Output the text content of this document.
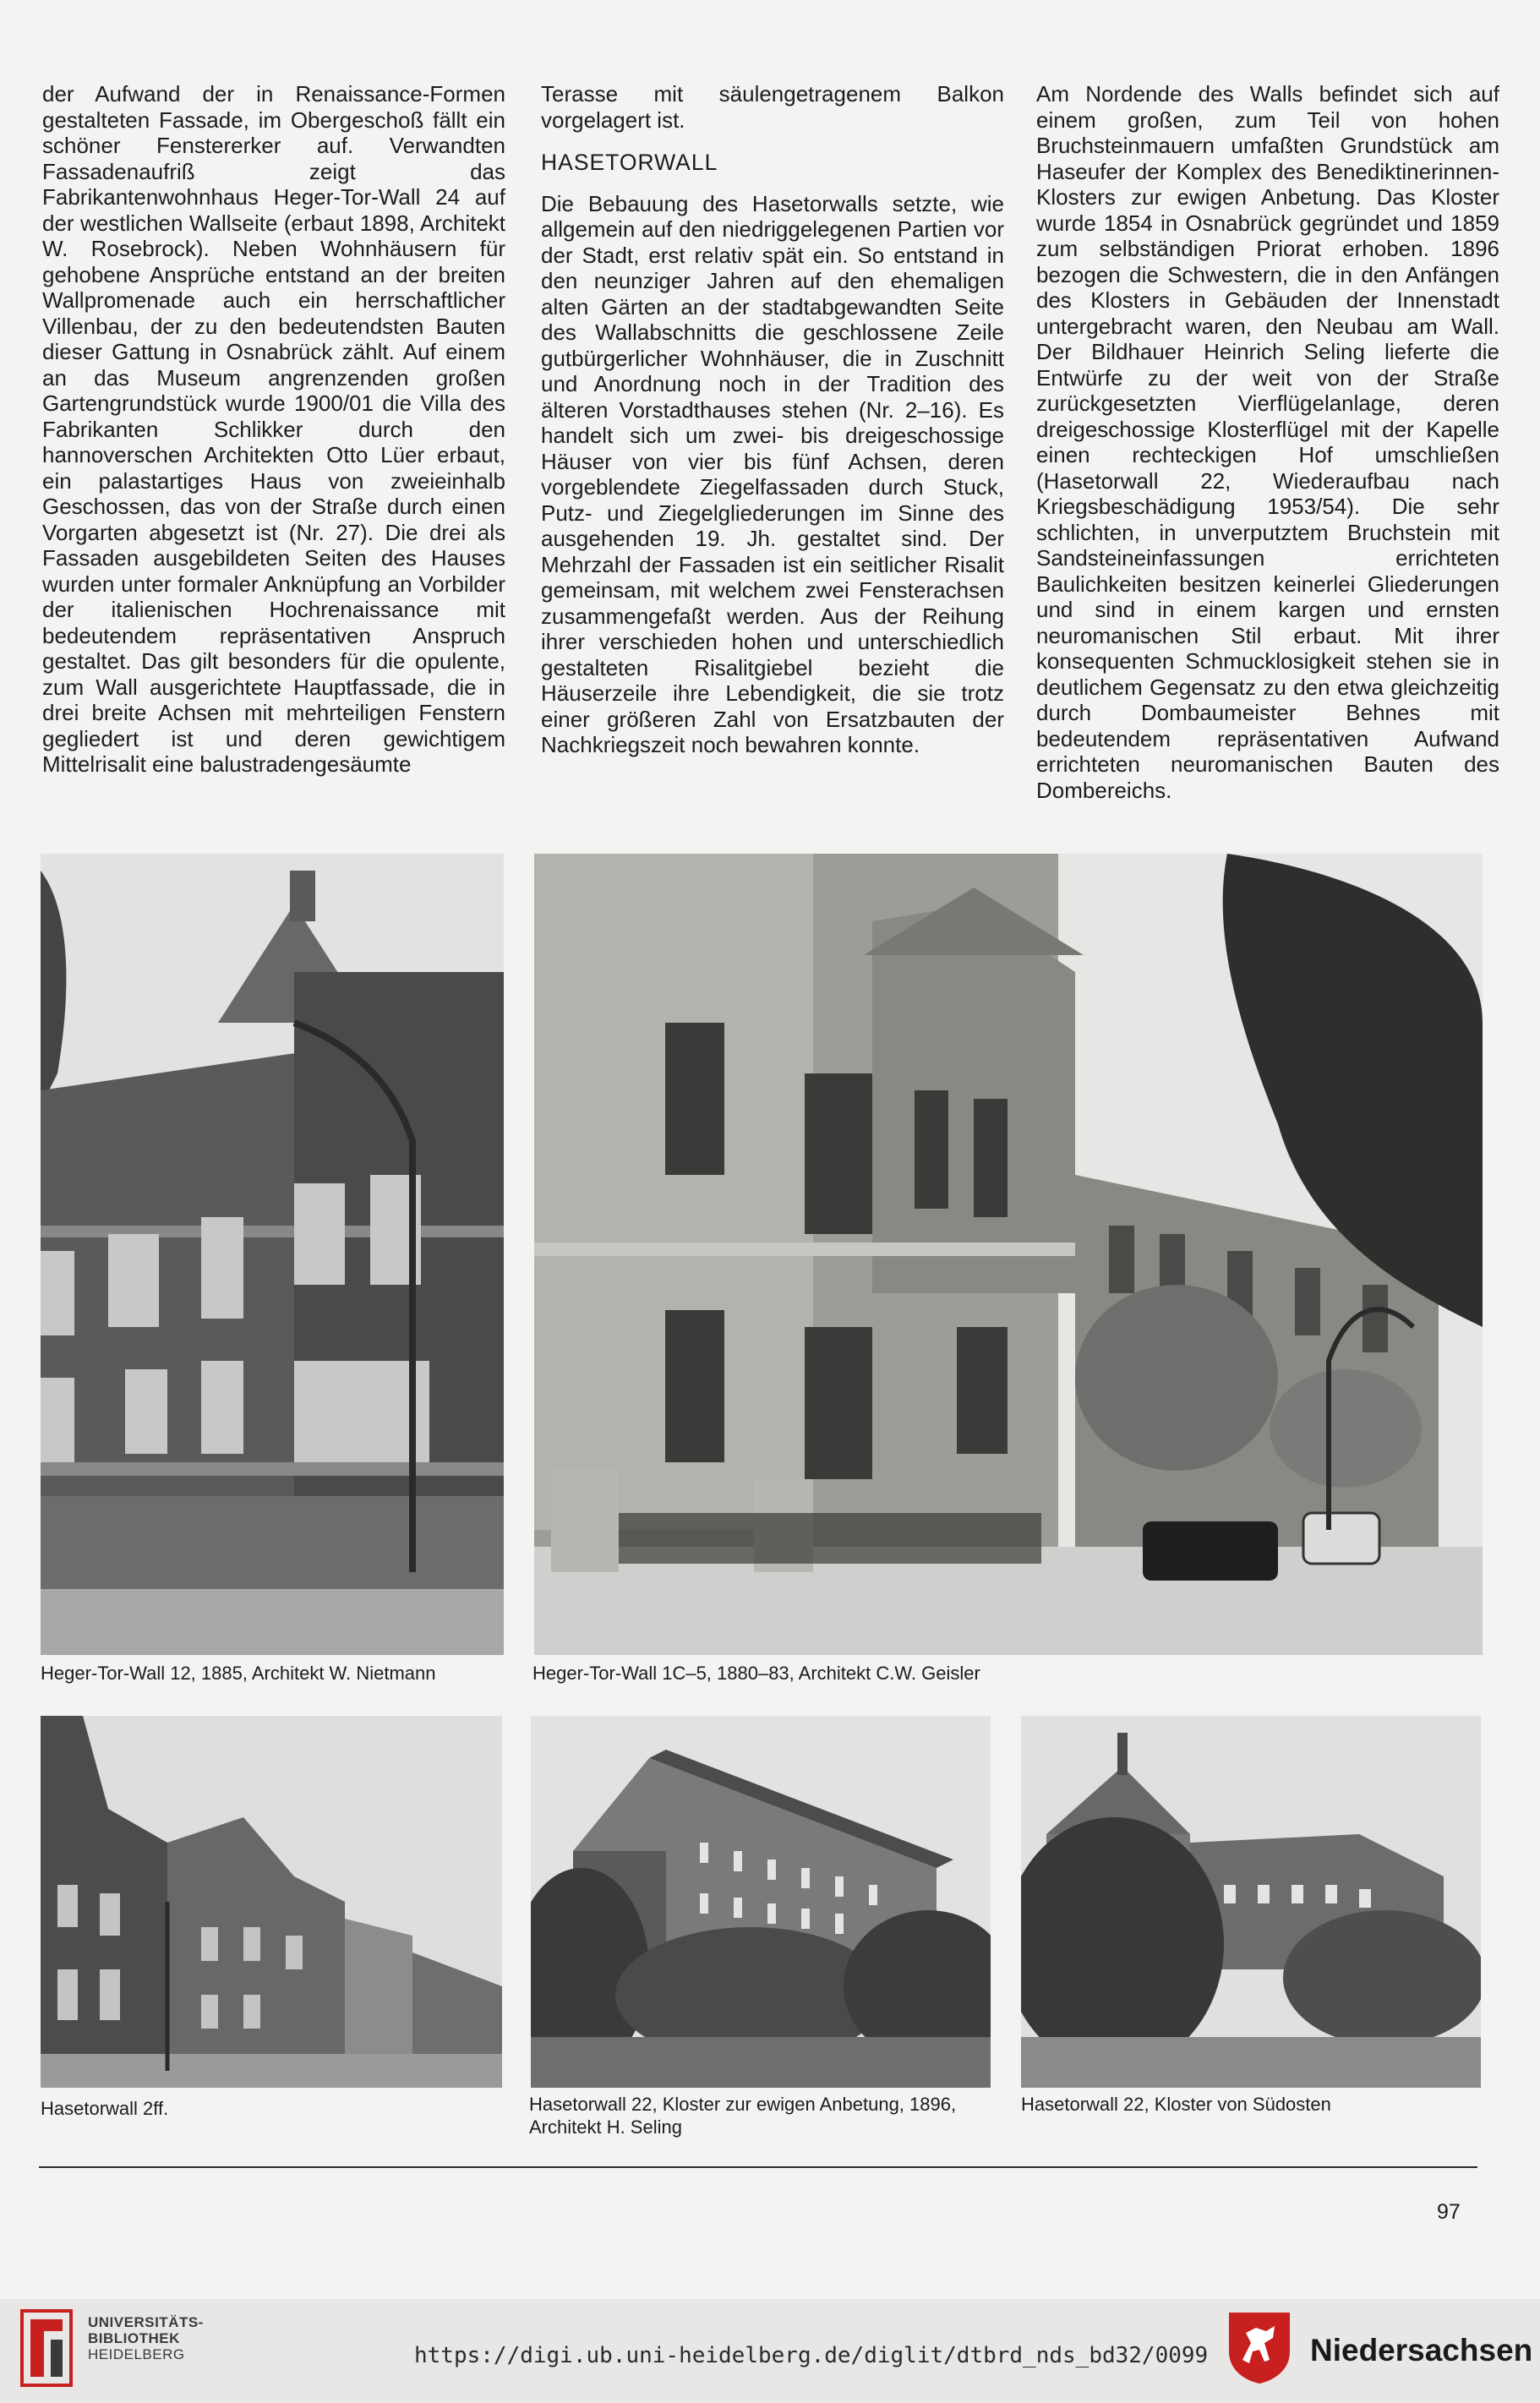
der Aufwand der in Renaissance-Formen gestalteten Fassade, im Obergeschoß fällt ein schöner Fenstererker auf. Verwandten Fassadenaufriß zeigt das Fabrikantenwohnhaus Heger-Tor-Wall 24 auf der westlichen Wallseite (erbaut 1898, Architekt W. Rosebrock). Neben Wohnhäusern für gehobene Ansprüche entstand an der breiten Wallpromenade auch ein herrschaftlicher Villenbau, der zu den bedeutendsten Bauten dieser Gattung in Osnabrück zählt. Auf einem an das Museum angrenzenden großen Gartengrundstück wurde 1900/01 die Villa des Fabrikanten Schlikker durch den hannoverschen Architekten Otto Lüer erbaut, ein palastartiges Haus von zweieinhalb Geschossen, das von der Straße durch einen Vorgarten abgesetzt ist (Nr. 27). Die drei als Fassaden ausgebildeten Seiten des Hauses wurden unter formaler Anknüpfung an Vorbilder der italienischen Hochrenaissance mit bedeutendem repräsentativen Anspruch gestaltet. Das gilt besonders für die opulente, zum Wall ausgerichtete Hauptfassade, die in drei breite Achsen mit mehrteiligen Fenstern gegliedert ist und deren gewichtigem Mittelrisalit eine balustradengesäumte

Terasse mit säulengetragenem Balkon vorgelagert ist.

HASETORWALL

Die Bebauung des Hasetorwalls setzte, wie allgemein auf den niedriggelegenen Partien vor der Stadt, erst relativ spät ein. So entstand in den neunziger Jahren auf den ehemaligen alten Gärten an der stadtabgewandten Seite des Wallabschnitts die geschlossene Zeile gutbürgerlicher Wohnhäuser, die in Zuschnitt und Anordnung noch in der Tradition des älteren Vorstadthauses stehen (Nr. 2–16). Es handelt sich um zwei- bis dreigeschossige Häuser von vier bis fünf Achsen, deren vorgeblendete Ziegelfassaden durch Stuck, Putz- und Ziegelgliederungen im Sinne des ausgehenden 19. Jh. gestaltet sind. Der Mehrzahl der Fassaden ist ein seitlicher Risalit gemeinsam, mit welchem zwei Fensterachsen zusammengefaßt werden. Aus der Reihung ihrer verschieden hohen und unterschiedlich gestalteten Risalitgiebel bezieht die Häuserzeile ihre Lebendigkeit, die sie trotz einer größeren Zahl von Ersatzbauten der Nachkriegszeit noch bewahren konnte.

Am Nordende des Walls befindet sich auf einem großen, zum Teil von hohen Bruchsteinmauern umfaßten Grundstück am Haseufer der Komplex des Benediktinerinnen-Klosters zur ewigen Anbetung. Das Kloster wurde 1854 in Osnabrück gegründet und 1859 zum selbständigen Priorat erhoben. 1896 bezogen die Schwestern, die in den Anfängen des Klosters in Gebäuden der Innenstadt untergebracht waren, den Neubau am Wall. Der Bildhauer Heinrich Seling lieferte die Entwürfe zu der weit von der Straße zurückgesetzten Vierflügelanlage, deren dreigeschossige Klosterflügel mit der Kapelle einen rechteckigen Hof umschließen (Hasetorwall 22, Wiederaufbau nach Kriegsbeschädigung 1953/54). Die sehr schlichten, in unverputztem Bruchstein mit Sandsteineinfassungen errichteten Baulichkeiten besitzen keinerlei Gliederungen und sind in einem kargen und ernsten neuromanischen Stil erbaut. Mit ihrer konsequenten Schmucklosigkeit stehen sie in deutlichem Gegensatz zu den etwa gleichzeitig durch Dombaumeister Behnes mit bedeutendem repräsentativen Aufwand errichteten neuromanischen Bauten des Dombereichs.

Heger-Tor-Wall 12, 1885, Architekt W. Nietmann	Heger-Tor-Wall 1C–5, 1880–83, Architekt C.W. Geisler
Hasetorwall 2ff.	Hasetorwall 22, Kloster zur ewigen Anbetung, 1896,
Architekt H. Seling
Hasetorwall 22, Kloster von Südosten
97
UNIVERSITÄTS-
BIBLIOTHEK
HEIDELBERG	https://digi.ub.uni-heidelberg.de/diglit/dtbrd_nds_bd32/0099	Niedersachsen
